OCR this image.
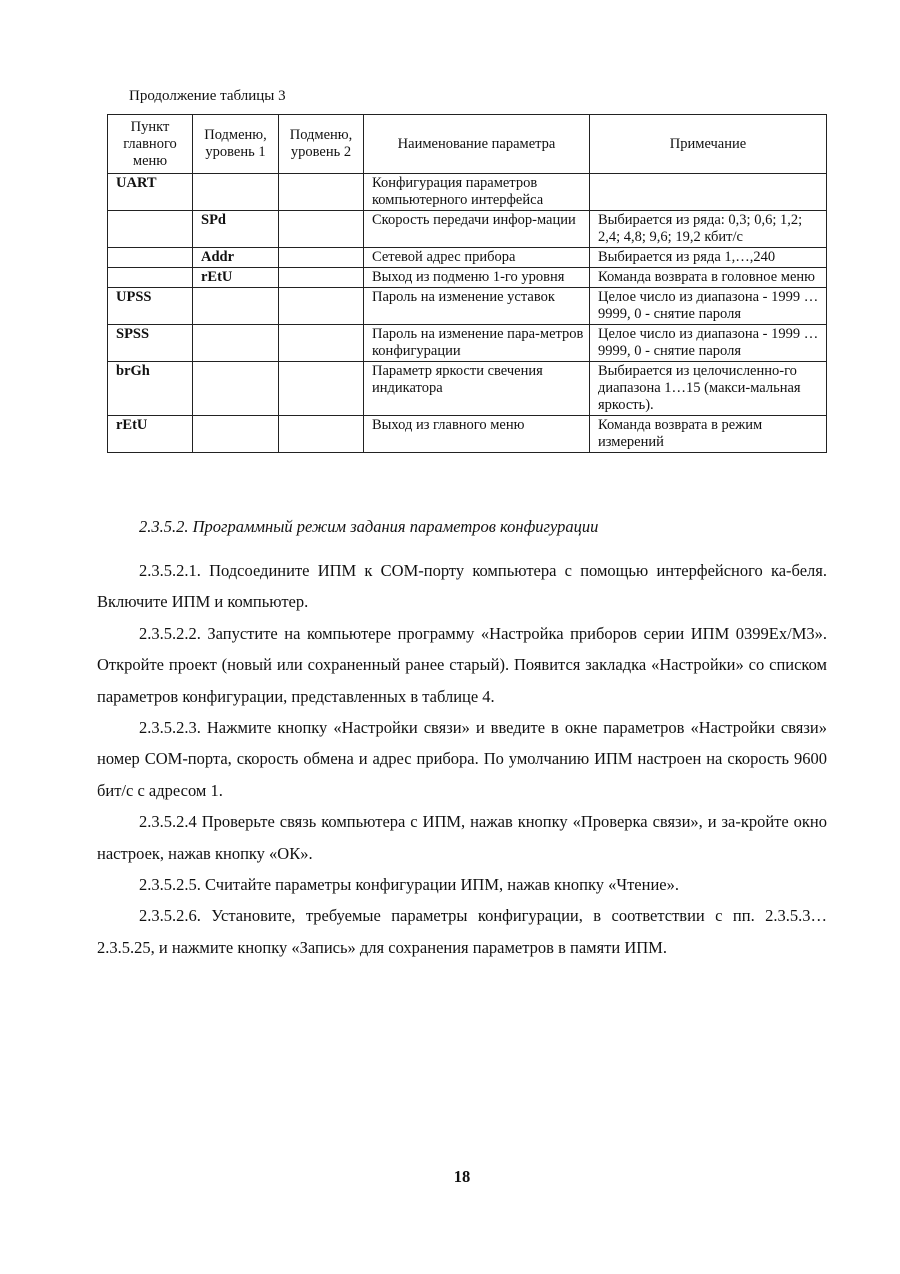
Продолжение таблицы 3
Пункт главного меню	Подменю, уровень 1	Подменю, уровень 2	Наименование параметра	Примечание
UART			Конфигурация параметров компьютерного интерфейса	
	SPd		Скорость передачи инфор-мации	Выбирается из ряда: 0,3; 0,6; 1,2; 2,4; 4,8; 9,6; 19,2 кбит/с
	Addr		Сетевой адрес прибора	Выбирается из ряда 1,…,240
	rEtU		Выход из подменю 1-го уровня	Команда возврата в головное меню
UPSS			Пароль на изменение уставок	Целое число из диапазона - 1999 … 9999, 0 - снятие пароля
SPSS			Пароль на изменение пара-метров конфигурации	Целое число из диапазона - 1999 … 9999, 0 - снятие пароля
brGh			Параметр яркости свечения индикатора	Выбирается из целочисленно-го диапазона 1…15 (макси-мальная яркость).
rEtU			Выход из главного меню	Команда возврата в режим измерений
2.3.5.2. Программный режим задания параметров конфигурации

2.3.5.2.1. Подсоедините ИПМ к СОМ-порту компьютера с помощью интерфейсного ка-беля. Включите ИПМ и компьютер.

2.3.5.2.2. Запустите на компьютере программу «Настройка приборов серии ИПМ 0399Ех/М3». Откройте проект (новый или сохраненный ранее старый). Появится закладка «Настройки» со списком параметров конфигурации, представленных в таблице 4.

2.3.5.2.3. Нажмите кнопку «Настройки связи» и введите в окне параметров «Настройки связи» номер СОМ-порта, скорость обмена и адрес прибора. По умолчанию ИПМ настроен на скорость 9600 бит/с с адресом 1.

2.3.5.2.4 Проверьте связь компьютера с ИПМ, нажав кнопку «Проверка связи», и за-кройте окно настроек, нажав кнопку «ОК».

2.3.5.2.5. Считайте параметры конфигурации ИПМ, нажав кнопку «Чтение».

2.3.5.2.6. Установите, требуемые параметры конфигурации, в соответствии с пп. 2.3.5.3…2.3.5.25, и нажмите кнопку «Запись» для сохранения параметров в памяти ИПМ.

18
